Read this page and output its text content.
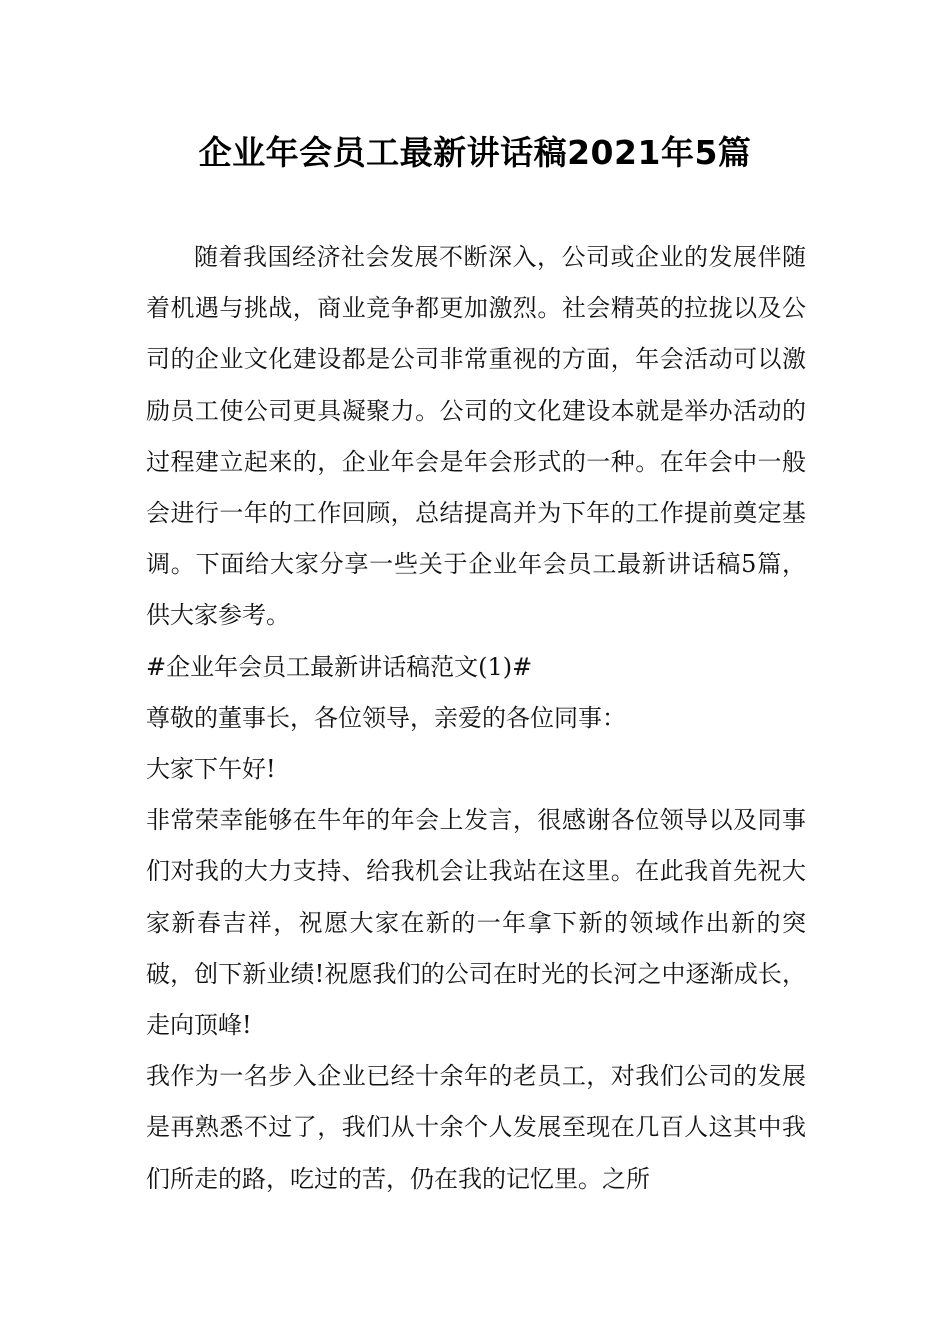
企业年会员工最新讲话稿2021年5篇

随着我国经济社会发展不断深入，公司或企业的发展伴随着机遇与挑战，商业竞争都更加激烈。社会精英的拉拢以及公司的企业文化建设都是公司非常重视的方面，年会活动可以激励员工使公司更具凝聚力。公司的文化建设本就是举办活动的过程建立起来的，企业年会是年会形式的一种。在年会中一般会进行一年的工作回顾，总结提高并为下年的工作提前奠定基调。下面给大家分享一些关于企业年会员工最新讲话稿5篇，供大家参考。

#企业年会员工最新讲话稿范文(1)#

尊敬的董事长，各位领导，亲爱的各位同事：

大家下午好!

非常荣幸能够在牛年的年会上发言，很感谢各位领导以及同事们对我的大力支持、给我机会让我站在这里。在此我首先祝大家新春吉祥，祝愿大家在新的一年拿下新的领域作出新的突破，创下新业绩!祝愿我们的公司在时光的长河之中逐渐成长，走向顶峰!

我作为一名步入企业已经十余年的老员工，对我们公司的发展是再熟悉不过了，我们从十余个人发展至现在几百人这其中我们所走的路，吃过的苦，仍在我的记忆里。之所
